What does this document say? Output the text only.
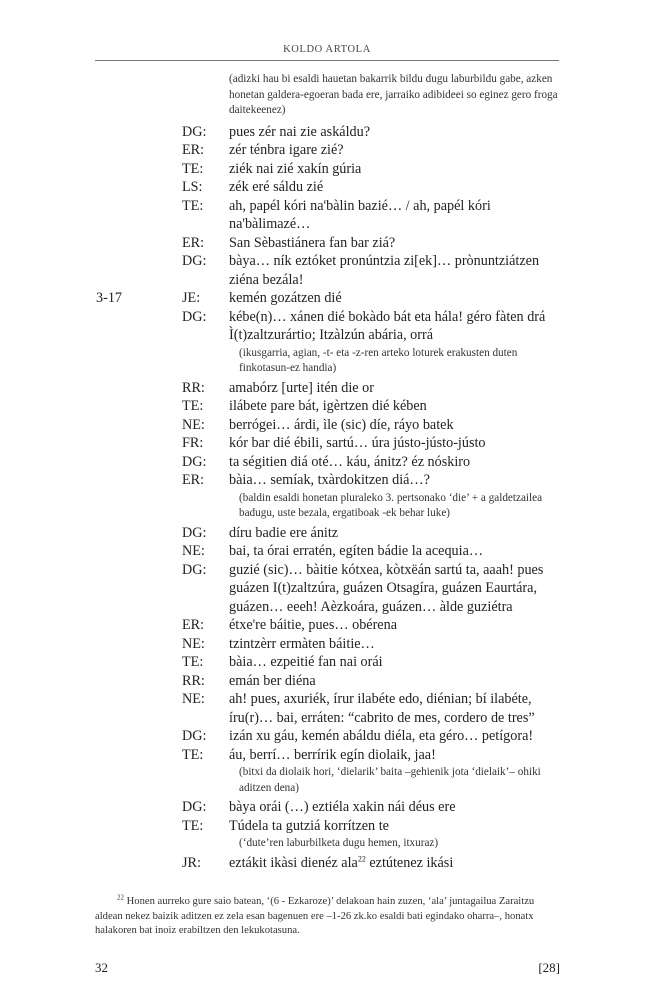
KOLDO ARTOLA
(adizki hau bi esaldi hauetan bakarrik bildu dugu laburbildu gabe, azken honetan galdera-egoeran bada ere, jarraiko adibideei so eginez gero froga daitekeenez)
DG: pues zér nai zie askáldu?
ER: zér ténbra igare zié?
TE: ziék nai zié xakín gúria
LS: zék eré sáldu zié
TE: ah, papél kóri na'bàlin bazié… / ah, papél kóri na'bàlimazé…
ER: San Sèbastiánera fan bar ziá?
DG: bàya… ník eztóket pronúntzia zi[ek]… prònuntziátzen ziéna bezála!
3-17	JE: kemén gozátzen dié
DG: kébe(n)… xánen dié bokàdo bát eta hála! géro fàten drá Ì(t)zaltzurártio; Itzàlzún abária, orrá
(ikusgarria, agian, -t- eta -z-ren arteko loturek erakusten duten finkotasun-ez handia)
RR: amabórz [urte] itén die or
TE: ilábete pare bát, igèrtzen dié kében
NE: berrógei… árdi, ìle (sic) díe, ráyo batek
FR: kór bar dié ébili, sartú… úra jústo-jústo-jústo
DG: ta ségitien diá oté… káu, ánitz? éz nóskiro
ER: bàia… semíak, txàrdokitzen diá…?
(baldin esaldi honetan pluraleko 3. pertsonako ‘die’ + a galdetzailea badugu, uste bezala, ergatiboak -ek behar luke)
DG: díru badie ere ánitz
NE: bai, ta órai erratén, egíten bádie la acequia…
DG: guzié (sic)… bàitie kótxea, kòtxëán sartú ta, aaah! pues guázen I(t)zaltzúra, guázen Otsagíra, guázen Eaurtára, guázen… eeeh! Aèzkoára, guázen… àlde guziétra
ER: étxe're báitie, pues… obérena
NE: tzintzèrr ermàten báitie…
TE: bàia… ezpeitié fan nai orái
RR: emán ber diéna
NE: ah! pues, axuriék, írur ilabéte edo, diénian; bí ilabéte, íru(r)… bai, erráten: “cabrito de mes, cordero de tres”
DG: izán xu gáu, kemén abáldu diéla, eta géro… petígora!
TE: áu, berrí… berrírik egín diolaik, jaa!
(bitxi da diolaik hori, ‘dielarik’ baita –gehienik jota ‘dielaik’– ohiki aditzen dena)
DG: bàya orái (…) eztiéla xakin nái déus ere
TE: Túdela ta gutziá korrítzen te
(‘dute’ren laburbilketa dugu hemen, itxuraz)
JR: eztákit ikàsi dienéz ala$^{22}$ eztútenez ikási
$^{22}$ Honen aurreko gure saio batean, ‘(6 - Ezkaroze)’ delakoan hain zuzen, ‘ala’ juntagailua Zaraitzu aldean nekez baizik aditzen ez zela esan bagenuen ere –1-26 zk.ko esaldi bati egindako oharra–, honatx halakoren bat inoiz erabiltzen den lekukotasuna.
32	[28]
